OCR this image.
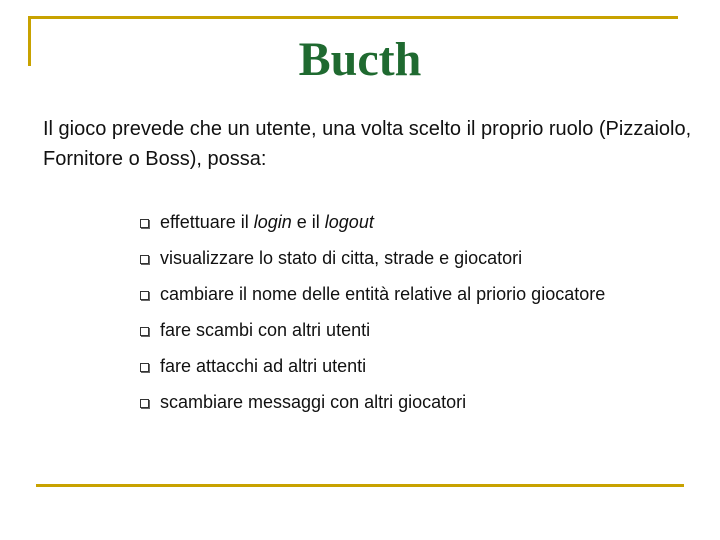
Bucth
Il gioco prevede che un utente, una volta scelto il proprio ruolo (Pizzaiolo, Fornitore o Boss), possa:
effettuare il login e il logout
visualizzare lo stato di citta, strade e giocatori
cambiare il nome delle entità relative al priorio giocatore
fare scambi con altri utenti
fare attacchi ad altri utenti
scambiare messaggi con altri giocatori
